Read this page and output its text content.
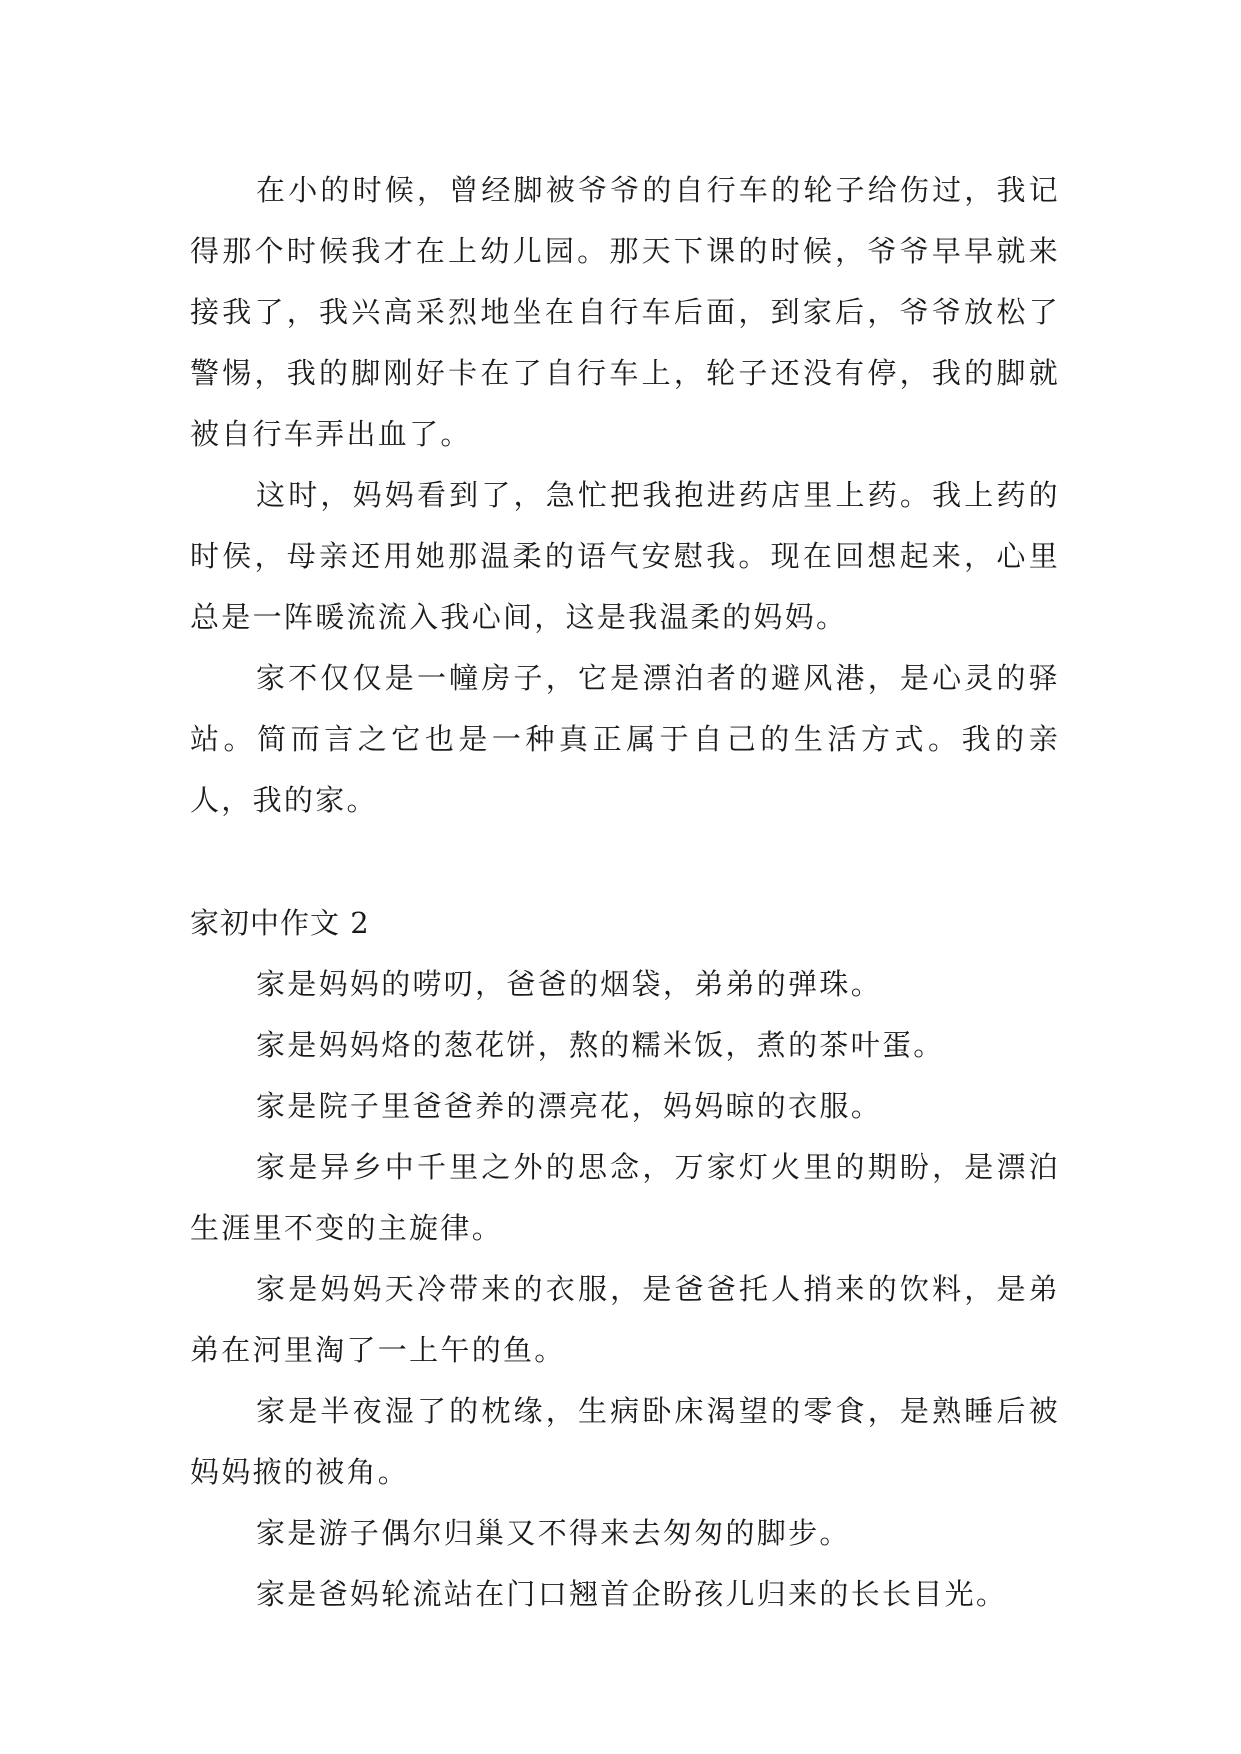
在小的时候，曾经脚被爷爷的自行车的轮子给伤过，我记得那个时候我才在上幼儿园。那天下课的时候，爷爷早早就来接我了，我兴高采烈地坐在自行车后面，到家后，爷爷放松了警惕，我的脚刚好卡在了自行车上，轮子还没有停，我的脚就被自行车弄出血了。

这时，妈妈看到了，急忙把我抱进药店里上药。我上药的时侯，母亲还用她那温柔的语气安慰我。现在回想起来，心里总是一阵暖流流入我心间，这是我温柔的妈妈。

家不仅仅是一幢房子，它是漂泊者的避风港，是心灵的驿站。简而言之它也是一种真正属于自己的生活方式。我的亲人，我的家。

家初中作文 2

家是妈妈的唠叨，爸爸的烟袋，弟弟的弹珠。

家是妈妈烙的葱花饼，熬的糯米饭，煮的茶叶蛋。

家是院子里爸爸养的漂亮花，妈妈晾的衣服。

家是异乡中千里之外的思念，万家灯火里的期盼，是漂泊生涯里不变的主旋律。

家是妈妈天冷带来的衣服，是爸爸托人捎来的饮料，是弟弟在河里淘了一上午的鱼。

家是半夜湿了的枕缘，生病卧床渴望的零食，是熟睡后被妈妈掖的被角。

家是游子偶尔归巢又不得来去匆匆的脚步。

家是爸妈轮流站在门口翘首企盼孩儿归来的长长目光。
